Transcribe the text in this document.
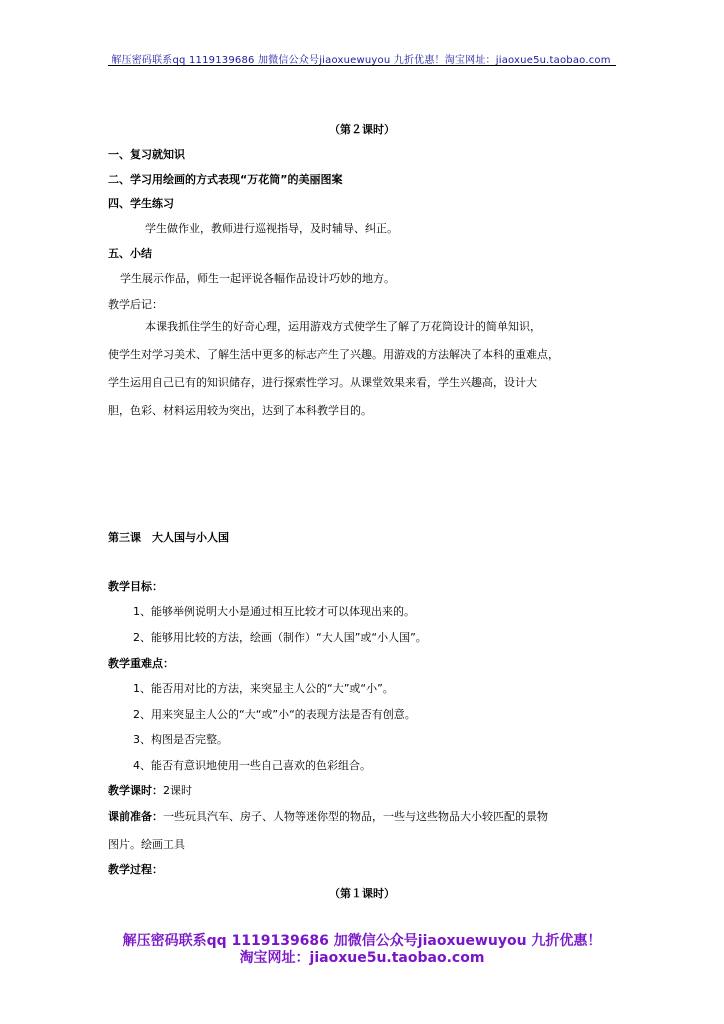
解压密码联系qq 1119139686 加微信公众号jiaoxuewuyou 九折优惠！淘宝网址：jiaoxue5u.taobao.com
（第２课时）
一、复习就知识
二、学习用绘画的方式表现“万花筒”的美丽图案
四、学生练习
学生做作业，教师进行巡视指导，及时辅导、纠正。
五、小结
学生展示作品，师生一起评说各幅作品设计巧妙的地方。
教学后记：
本课我抓住学生的好奇心理，运用游戏方式使学生了解了万花筒设计的简单知识，
使学生对学习美术、了解生活中更多的标志产生了兴趣。用游戏的方法解决了本科的重难点，
学生运用自己已有的知识储存，进行探索性学习。从课堂效果来看，学生兴趣高，设计大
胆，色彩、材料运用较为突出，达到了本科教学目的。
第三课　大人国与小人国
教学目标：
1、能够举例说明大小是通过相互比较才可以体现出来的。
2、能够用比较的方法，绘画（制作）“大人国”或“小人国”。
教学重难点：
1、能否用对比的方法，来突显主人公的“大”或“小”。
2、用来突显主人公的“大“或”小“的表现方法是否有创意。
3、构图是否完整。
4、能否有意识地使用一些自己喜欢的色彩组合。
教学课时：2课时
课前准备：一些玩具汽车、房子、人物等迷你型的物品，一些与这些物品大小较匹配的景物
图片。绘画工具
教学过程：
（第１课时）
解压密码联系qq 1119139686 加微信公众号jiaoxuewuyou 九折优惠！
淘宝网址：jiaoxue5u.taobao.com
